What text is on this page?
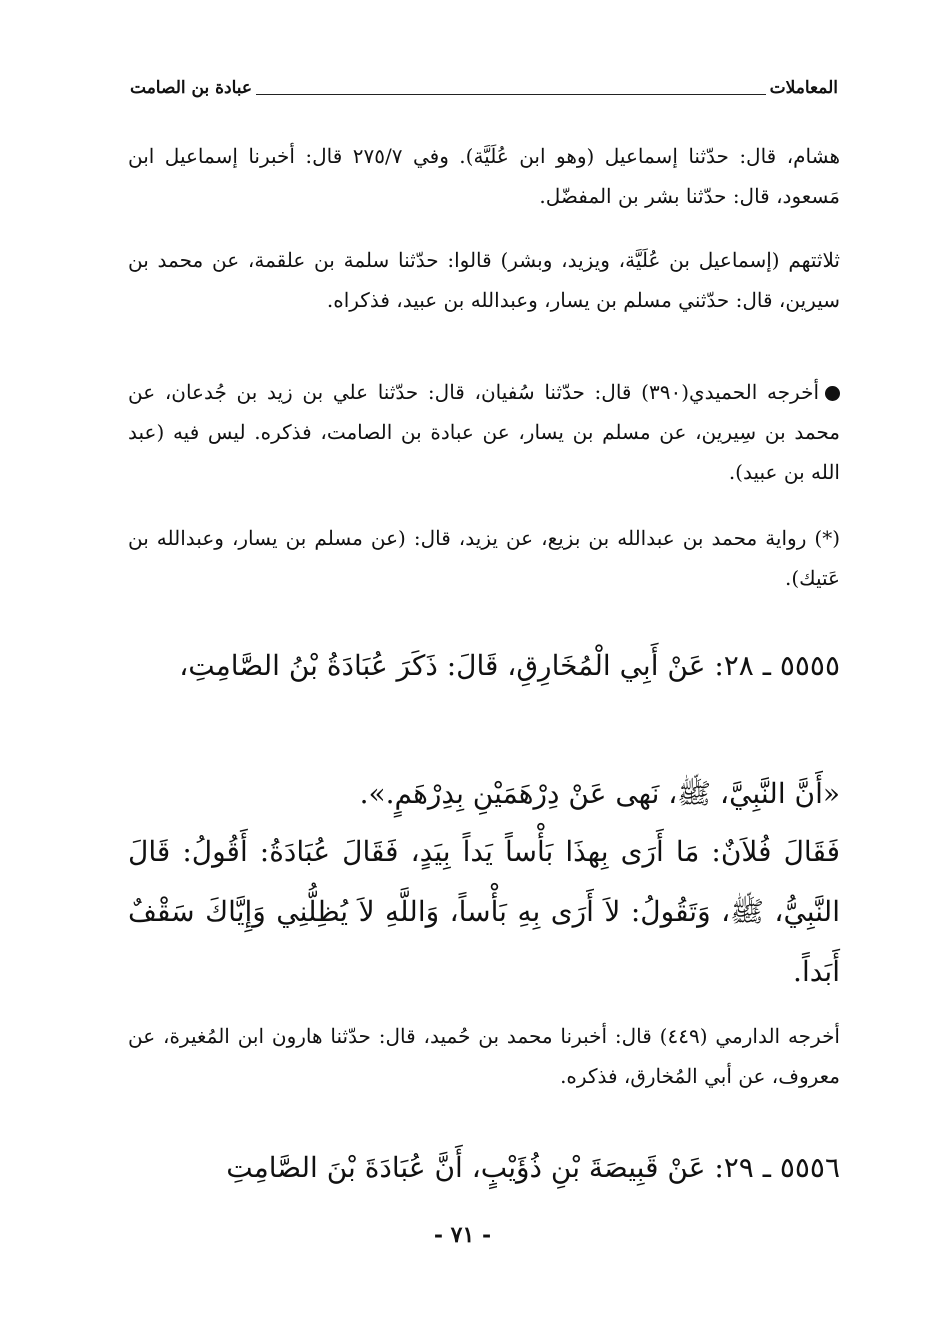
المعاملات
عبادة بن الصامت
هشام، قال: حدّثنا إسماعيل (وهو ابن عُلَيَّة). وفي ٢٧٥/٧ قال: أخبرنا إسماعيل ابن مَسعود، قال: حدّثنا بشر بن المفضّل.
ثلاثتهم (إسماعيل بن عُلَيَّة، ويزيد، وبشر) قالوا: حدّثنا سلمة بن علقمة، عن محمد بن سيرين، قال: حدّثني مسلم بن يسار، وعبدالله بن عبيد، فذكراه.
أخرجه الحميدي(٣٩٠) قال: حدّثنا سُفيان، قال: حدّثنا علي بن زيد بن جُدعان، عن محمد بن سِيرين، عن مسلم بن يسار، عن عبادة بن الصامت، فذكره. ليس فيه (عبد الله بن عبيد).
(*) رواية محمد بن عبدالله بن بزيع، عن يزيد، قال: (عن مسلم بن يسار، وعبدالله بن عَتيك).
٥٥٥٥ ـ ٢٨: عَنْ أَبِي الْمُخَارِقِ، قَالَ: ذَكَرَ عُبَادَةُ بْنُ الصَّامِتِ،
«أَنَّ النَّبِيَّ، ﷺ، نَهى عَنْ دِرْهَمَيْنِ بِدِرْهَمٍ.».
فَقَالَ فُلاَنٌ: مَا أَرَى بِهذَا بَأْساً يَداً بِيَدٍ، فَقَالَ عُبَادَةُ: أَقُولُ: قَالَ النَّبِيُّ، ﷺ، وَتَقُولُ: لاَ أَرَى بِهِ بَأْساً، وَاللَّهِ لاَ يُظِلُّنِي وَإِيَّاكَ سَقْفٌ أَبَداً.
أخرجه الدارمي (٤٤٩) قال: أخبرنا محمد بن حُميد، قال: حدّثنا هارون ابن المُغيرة، عن معروف، عن أبي المُخارق، فذكره.
٥٥٥٦ ـ ٢٩: عَنْ قَبِيصَةَ بْنِ ذُؤَيْبٍ، أَنَّ عُبَادَةَ بْنَ الصَّامِتِ
- ٧١ -
